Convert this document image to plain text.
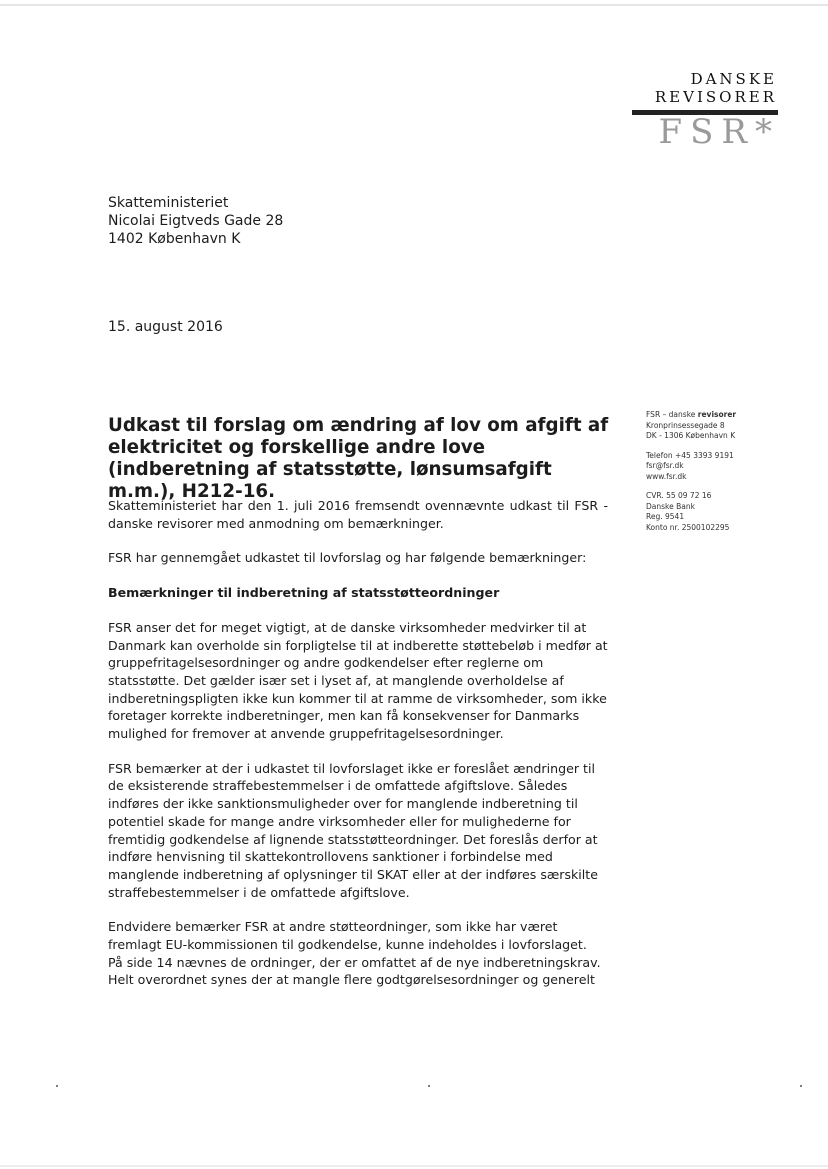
DANSKE
REVISORER
FSR*
Skatteministeriet
Nicolai Eigtveds Gade 28
1402 København K
15. august 2016
Udkast til forslag om ændring af lov om afgift af elektricitet og forskellige andre love (indberetning af statsstøtte, lønsumsafgift m.m.), H212-16.

FSR – danske revisorer
Kronprinsessegade 8
DK - 1306 København K

Telefon +45 3393 9191
fsr@fsr.dk
www.fsr.dk

CVR. 55 09 72 16
Danske Bank
Reg. 9541
Konto nr. 2500102295

Skatteministeriet har den 1. juli 2016 fremsendt ovennævnte udkast til FSR - danske revisorer med anmodning om bemærkninger.

FSR har gennemgået udkastet til lovforslag og har følgende bemærkninger:

Bemærkninger til indberetning af statsstøtteordninger

FSR anser det for meget vigtigt, at de danske virksomheder medvirker til at Danmark kan overholde sin forpligtelse til at indberette støttebeløb i medfør at gruppefritagelsesordninger og andre godkendelser efter reglerne om statsstøtte. Det gælder især set i lyset af, at manglende overholdelse af indberetningspligten ikke kun kommer til at ramme de virksomheder, som ikke foretager korrekte indberetninger, men kan få konsekvenser for Danmarks mulighed for fremover at anvende gruppefritagelsesordninger.

FSR bemærker at der i udkastet til lovforslaget ikke er foreslået ændringer til de eksisterende straffebestemmelser i de omfattede afgiftslove. Således indføres der ikke sanktionsmuligheder over for manglende indberetning til potentiel skade for mange andre virksomheder eller for mulighederne for fremtidig godkendelse af lignende statsstøtteordninger. Det foreslås derfor at indføre henvisning til skattekontrollovens sanktioner i forbindelse med manglende indberetning af oplysninger til SKAT eller at der indføres særskilte straffebestemmelser i de omfattede afgiftslove.

Endvidere bemærker FSR at andre støtteordninger, som ikke har været fremlagt EU-kommissionen til godkendelse, kunne indeholdes i lovforslaget.
På side 14 nævnes de ordninger, der er omfattet af de nye indberetningskrav.
Helt overordnet synes der at mangle flere godtgørelsesordninger og generelt
